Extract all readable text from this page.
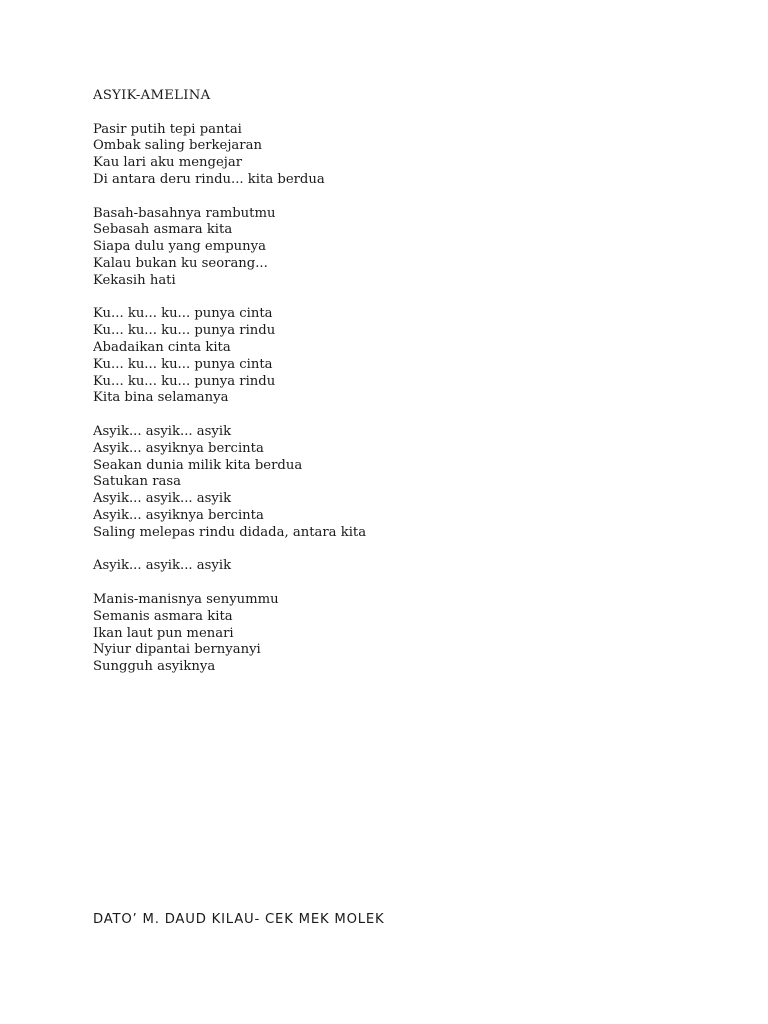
ASYIK-AMELINA
Pasir putih tepi pantai
Ombak saling berkejaran
Kau lari aku mengejar
Di antara deru rindu... kita berdua
Basah-basahnya rambutmu
Sebasah asmara kita
Siapa dulu yang empunya
Kalau bukan ku seorang...
Kekasih hati
Ku... ku... ku... punya cinta
Ku... ku... ku... punya rindu
Abadaikan cinta kita
Ku... ku... ku... punya cinta
Ku... ku... ku... punya rindu
Kita bina selamanya
Asyik... asyik... asyik
Asyik... asyiknya bercinta
Seakan dunia milik kita berdua
Satukan rasa
Asyik... asyik... asyik
Asyik... asyiknya bercinta
Saling melepas rindu didada, antara kita
Asyik... asyik... asyik
Manis-manisnya senyummu
Semanis asmara kita
Ikan laut pun menari
Nyiur dipantai bernyanyi
Sungguh asyiknya
DATO’ M. DAUD KILAU- CEK MEK MOLEK
